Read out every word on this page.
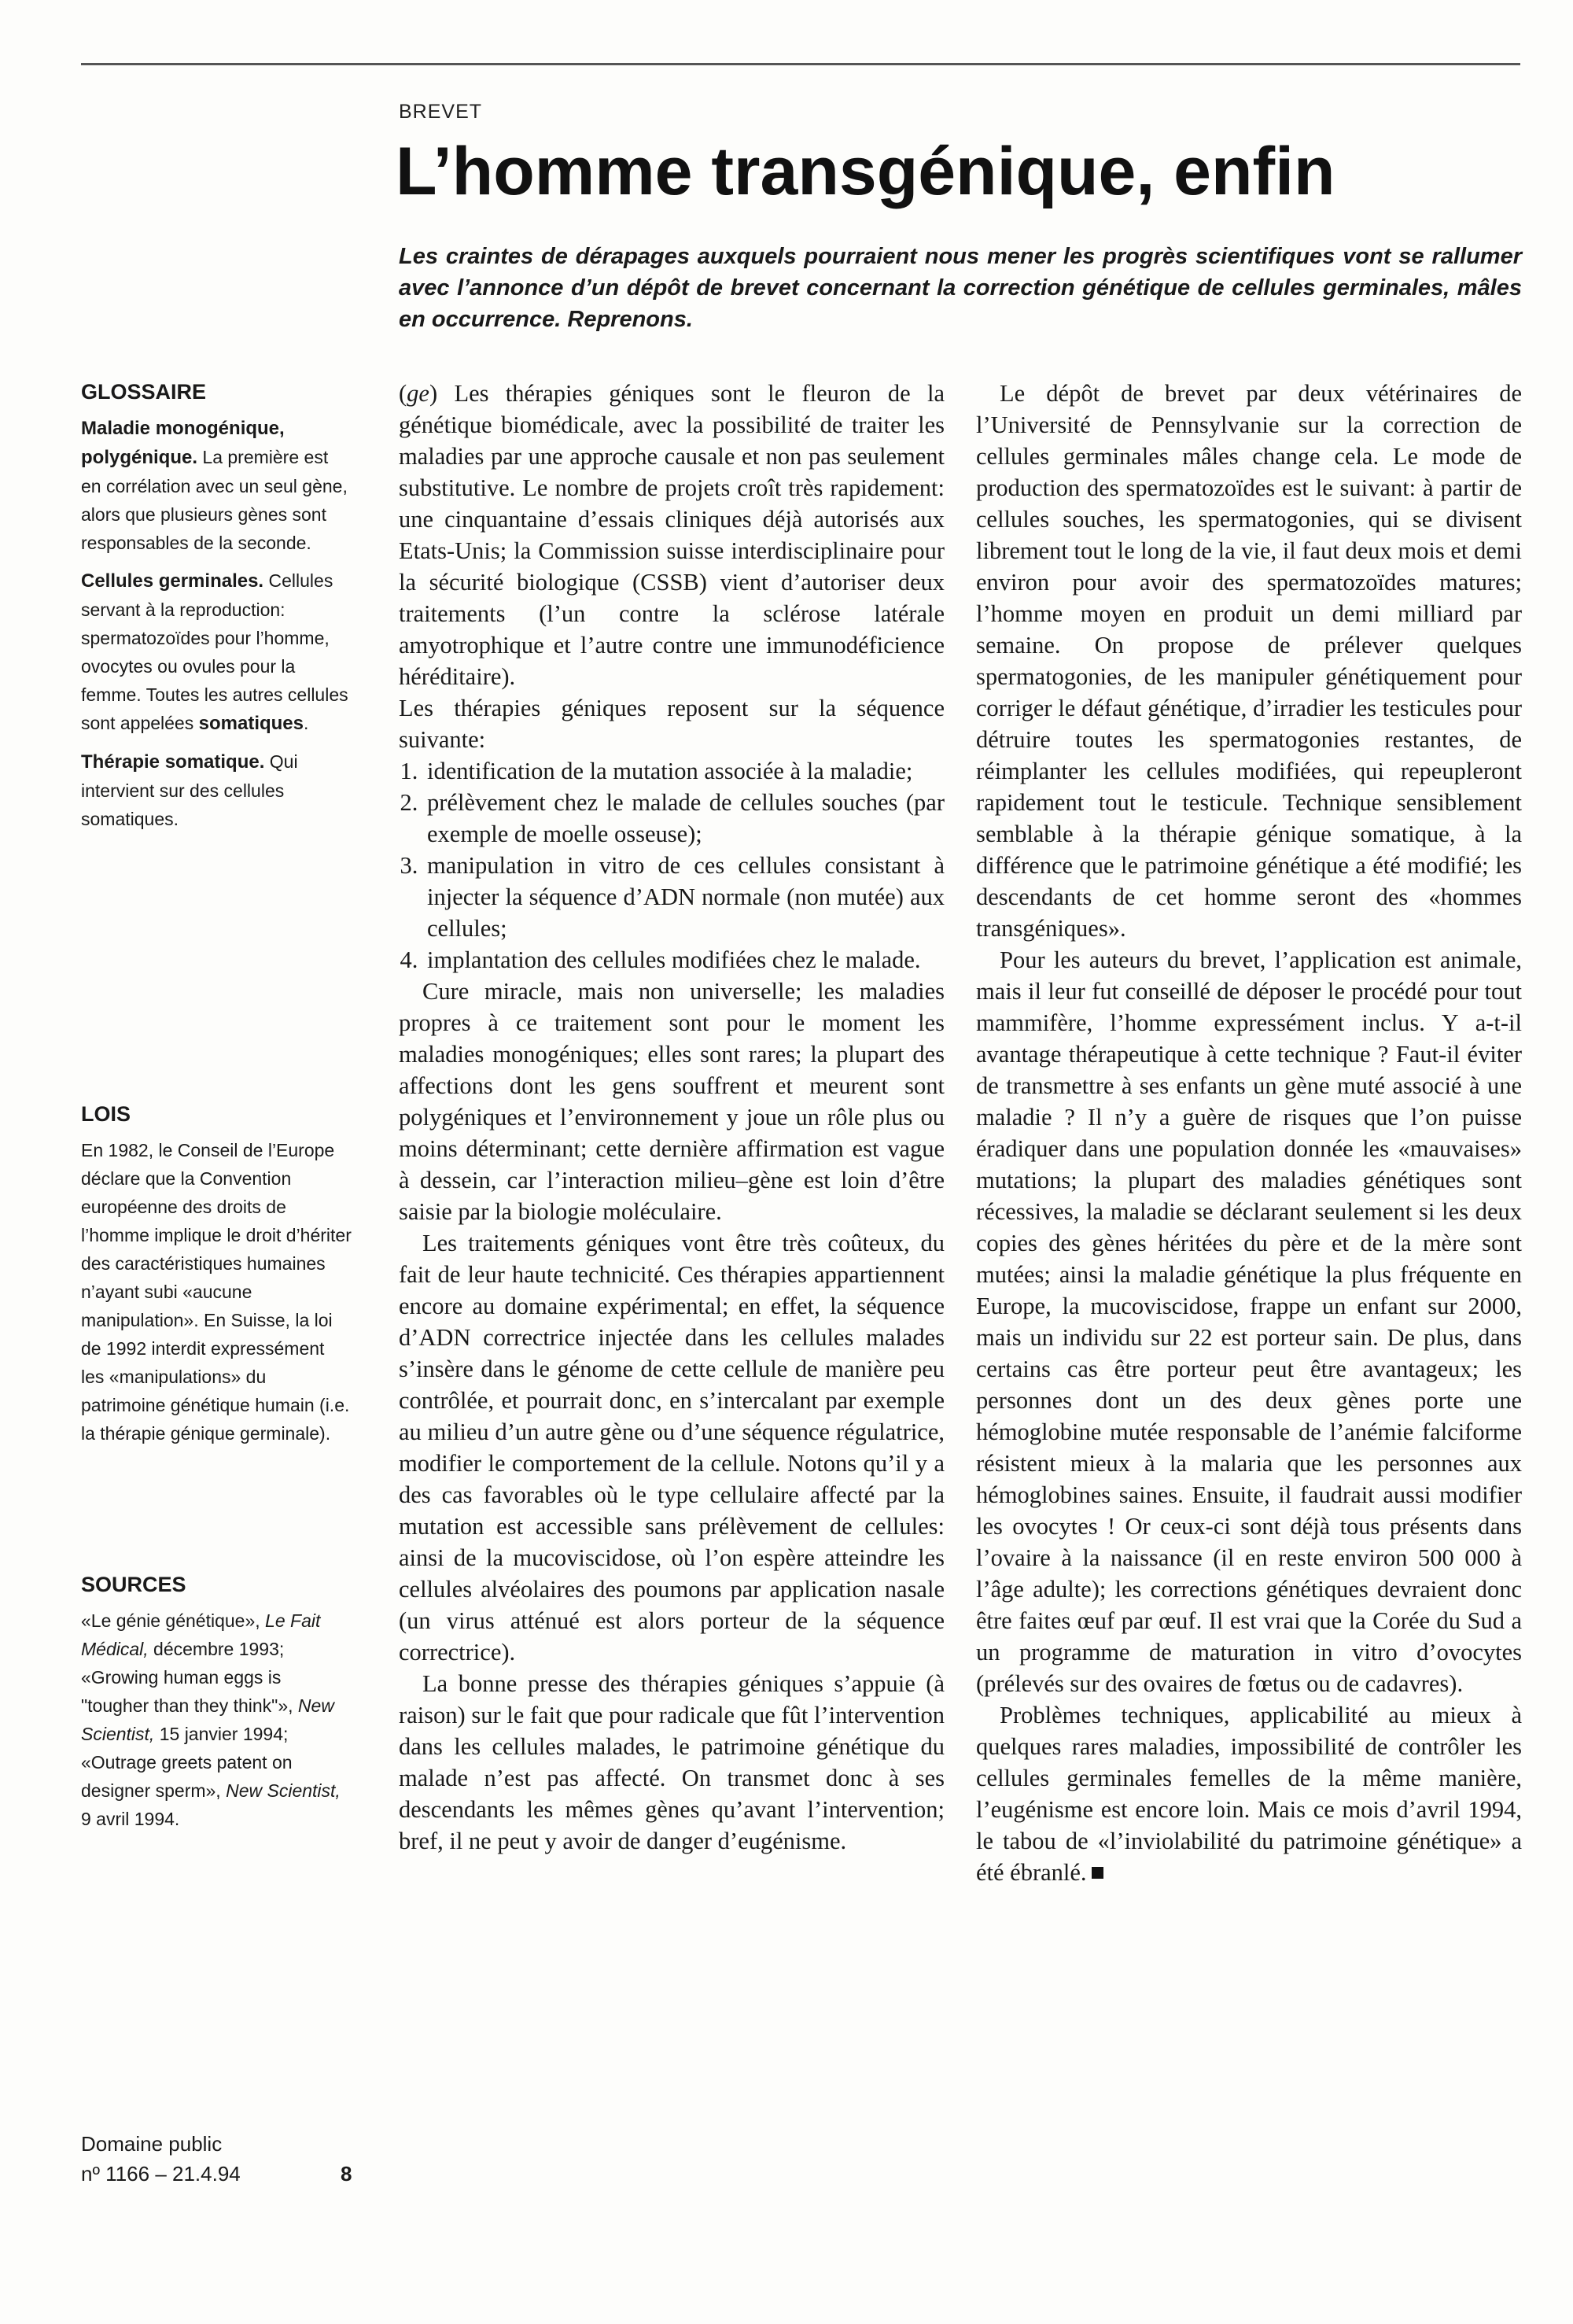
BREVET
L’homme transgénique, enfin

Les craintes de dérapages auxquels pourraient nous mener les progrès scientifiques vont se rallumer avec l’annonce d’un dépôt de brevet concernant la correction génétique de cellules germinales, mâles en occurrence. Reprenons.

GLOSSAIRE

Maladie monogénique, polygénique. La première est en corrélation avec un seul gène, alors que plusieurs gènes sont responsables de la seconde.

Cellules germinales. Cellules servant à la reproduction: spermatozoïdes pour l’homme, ovocytes ou ovules pour la femme. Toutes les autres cellules sont appelées somatiques.

Thérapie somatique. Qui intervient sur des cellules somatiques.

LOIS

En 1982, le Conseil de l’Europe déclare que la Convention européenne des droits de l’homme implique le droit d’hériter des caractéristiques humaines n’ayant subi «aucune manipulation». En Suisse, la loi de 1992 interdit expressément les «manipulations» du patrimoine génétique humain (i.e. la thérapie génique germinale).

SOURCES

«Le génie génétique», Le Fait Médical, décembre 1993; «Growing human eggs is "tougher than they think"», New Scientist, 15 janvier 1994; «Outrage greets patent on designer sperm», New Scientist, 9 avril 1994.

(ge) Les thérapies géniques sont le fleuron de la génétique biomédicale, avec la possibilité de traiter les maladies par une approche causale et non pas seulement substitutive. Le nombre de projets croît très rapidement: une cinquantaine d’essais cliniques déjà autorisés aux Etats-Unis; la Commission suisse interdisciplinaire pour la sécurité biologique (CSSB) vient d’autoriser deux traitements (l’un contre la sclérose latérale amyotrophique et l’autre contre une immunodéficience héréditaire).

Les thérapies géniques reposent sur la séquence suivante:

1. identification de la mutation associée à la maladie;
2. prélèvement chez le malade de cellules souches (par exemple de moelle osseuse);
3. manipulation in vitro de ces cellules consistant à injecter la séquence d’ADN normale (non mutée) aux cellules;
4. implantation des cellules modifiées chez le malade.

Cure miracle, mais non universelle; les maladies propres à ce traitement sont pour le moment les maladies monogéniques; elles sont rares; la plupart des affections dont les gens souffrent et meurent sont polygéniques et l’environnement y joue un rôle plus ou moins déterminant; cette dernière affirmation est vague à dessein, car l’interaction milieu–gène est loin d’être saisie par la biologie moléculaire.

Les traitements géniques vont être très coûteux, du fait de leur haute technicité. Ces thérapies appartiennent encore au domaine expérimental; en effet, la séquence d’ADN correctrice injectée dans les cellules malades s’insère dans le génome de cette cellule de manière peu contrôlée, et pourrait donc, en s’intercalant par exemple au milieu d’un autre gène ou d’une séquence régulatrice, modifier le comportement de la cellule. Notons qu’il y a des cas favorables où le type cellulaire affecté par la mutation est accessible sans prélèvement de cellules: ainsi de la mucoviscidose, où l’on espère atteindre les cellules alvéolaires des poumons par application nasale (un virus atténué est alors porteur de la séquence correctrice).

La bonne presse des thérapies géniques s’appuie (à raison) sur le fait que pour radicale que fût l’intervention dans les cellules malades, le patrimoine génétique du malade n’est pas affecté. On transmet donc à ses descendants les mêmes gènes qu’avant l’intervention; bref, il ne peut y avoir de danger d’eugénisme.

Le dépôt de brevet par deux vétérinaires de l’Université de Pennsylvanie sur la correction de cellules germinales mâles change cela. Le mode de production des spermatozoïdes est le suivant: à partir de cellules souches, les spermatogonies, qui se divisent librement tout le long de la vie, il faut deux mois et demi environ pour avoir des spermatozoïdes matures; l’homme moyen en produit un demi milliard par semaine. On propose de prélever quelques spermatogonies, de les manipuler génétiquement pour corriger le défaut génétique, d’irradier les testicules pour détruire toutes les spermatogonies restantes, de réimplanter les cellules modifiées, qui repeupleront rapidement tout le testicule. Technique sensiblement semblable à la thérapie génique somatique, à la différence que le patrimoine génétique a été modifié; les descendants de cet homme seront des «hommes transgéniques».

Pour les auteurs du brevet, l’application est animale, mais il leur fut conseillé de déposer le procédé pour tout mammifère, l’homme expressément inclus. Y a-t-il avantage thérapeutique à cette technique ? Faut-il éviter de transmettre à ses enfants un gène muté associé à une maladie ? Il n’y a guère de risques que l’on puisse éradiquer dans une population donnée les «mauvaises» mutations; la plupart des maladies génétiques sont récessives, la maladie se déclarant seulement si les deux copies des gènes héritées du père et de la mère sont mutées; ainsi la maladie génétique la plus fréquente en Europe, la mucoviscidose, frappe un enfant sur 2000, mais un individu sur 22 est porteur sain. De plus, dans certains cas être porteur peut être avantageux; les personnes dont un des deux gènes porte une hémoglobine mutée responsable de l’anémie falciforme résistent mieux à la malaria que les personnes aux hémoglobines saines. Ensuite, il faudrait aussi modifier les ovocytes ! Or ceux-ci sont déjà tous présents dans l’ovaire à la naissance (il en reste environ 500 000 à l’âge adulte); les corrections génétiques devraient donc être faites œuf par œuf. Il est vrai que la Corée du Sud a un programme de maturation in vitro d’ovocytes (prélevés sur des ovaires de fœtus ou de cadavres).

Problèmes techniques, applicabilité au mieux à quelques rares maladies, impossibilité de contrôler les cellules germinales femelles de la même manière, l’eugénisme est encore loin. Mais ce mois d’avril 1994, le tabou de «l’inviolabilité du patrimoine génétique» a été ébranlé.

Domaine public
nº 1166 – 21.4.94	8
